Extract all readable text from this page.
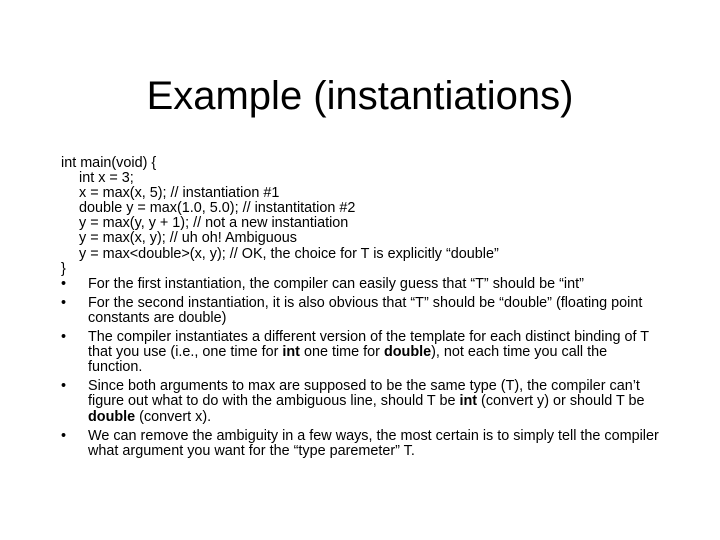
Example (instantiations)
int main(void) {
int x = 3;
x = max(x, 5); // instantiation #1
double y = max(1.0, 5.0); // instantitation #2
y = max(y, y + 1); // not a new instantiation
y = max(x, y); // uh oh! Ambiguous
y = max<double>(x, y); // OK, the choice for T is explicitly “double”
}
•	For the first instantiation, the compiler can easily guess that “T” should be “int”
•	For the second instantiation, it is also obvious that “T” should be “double” (floating point constants are double)
•	The compiler instantiates a different version of the template for each distinct binding of T that you use (i.e., one time for int one time for double), not each time you call the function.
•	Since both arguments to max are supposed to be the same type (T), the compiler can’t figure out what to do with the ambiguous line, should T be int (convert y) or should T be double (convert x).
•	We can remove the ambiguity in a few ways, the most certain is to simply tell the compiler what argument you want for the “type paremeter” T.
